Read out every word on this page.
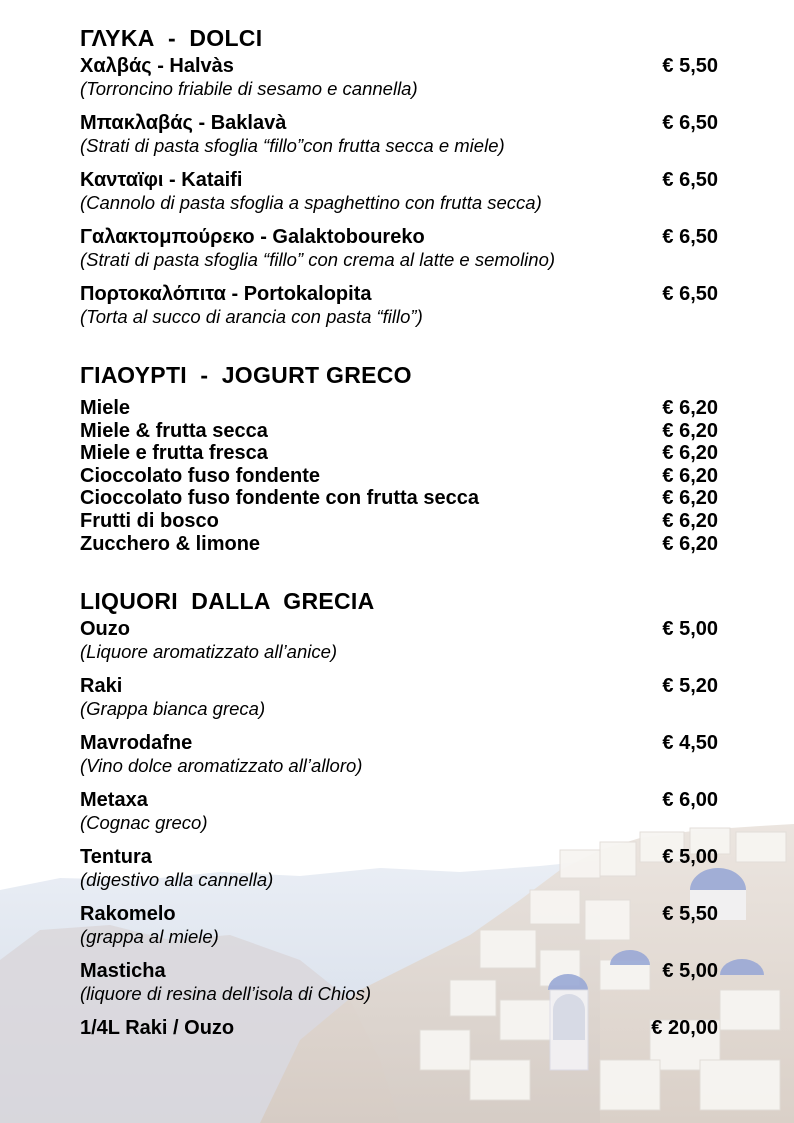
ΓΛΥΚΑ  -  DOLCI
Χαλβάς - Halvàs	€ 5,50
(Torroncino friabile di sesamo e cannella)
Μπακλαβάς - Baklavà	€ 6,50
(Strati di pasta sfoglia “fillo”con frutta secca e miele)
Κανταϊφι - Kataifi	€ 6,50
(Cannolo di pasta sfoglia a spaghettino con frutta secca)
Γαλακτομπούρεκο - Galaktoboureko	€ 6,50
(Strati di pasta sfoglia “fillo” con crema al latte e semolino)
Πορτοκαλόπιτα - Portokalopita	€ 6,50
(Torta al succo di arancia con pasta “fillo”)
ΓΙΑΟΥΡΤΙ  -  JOGURT GRECO
Miele	€ 6,20
Miele & frutta secca	€ 6,20
Miele e frutta fresca	€ 6,20
Cioccolato fuso fondente	€ 6,20
Cioccolato fuso fondente con frutta secca	€ 6,20
Frutti di bosco	€ 6,20
Zucchero & limone	€ 6,20
LIQUORI  DALLA  GRECIA
Ouzo	€ 5,00
(Liquore aromatizzato all’anice)
Raki	€ 5,20
(Grappa bianca greca)
Mavrodafne	€ 4,50
(Vino dolce aromatizzato all’alloro)
Metaxa	€ 6,00
(Cognac greco)
Tentura	€ 5,00
(digestivo alla cannella)
Rakomelo	€ 5,50
(grappa al miele)
Masticha	€ 5,00
(liquore di resina dell’isola di Chios)
1/4L Raki / Ouzo	€ 20,00
